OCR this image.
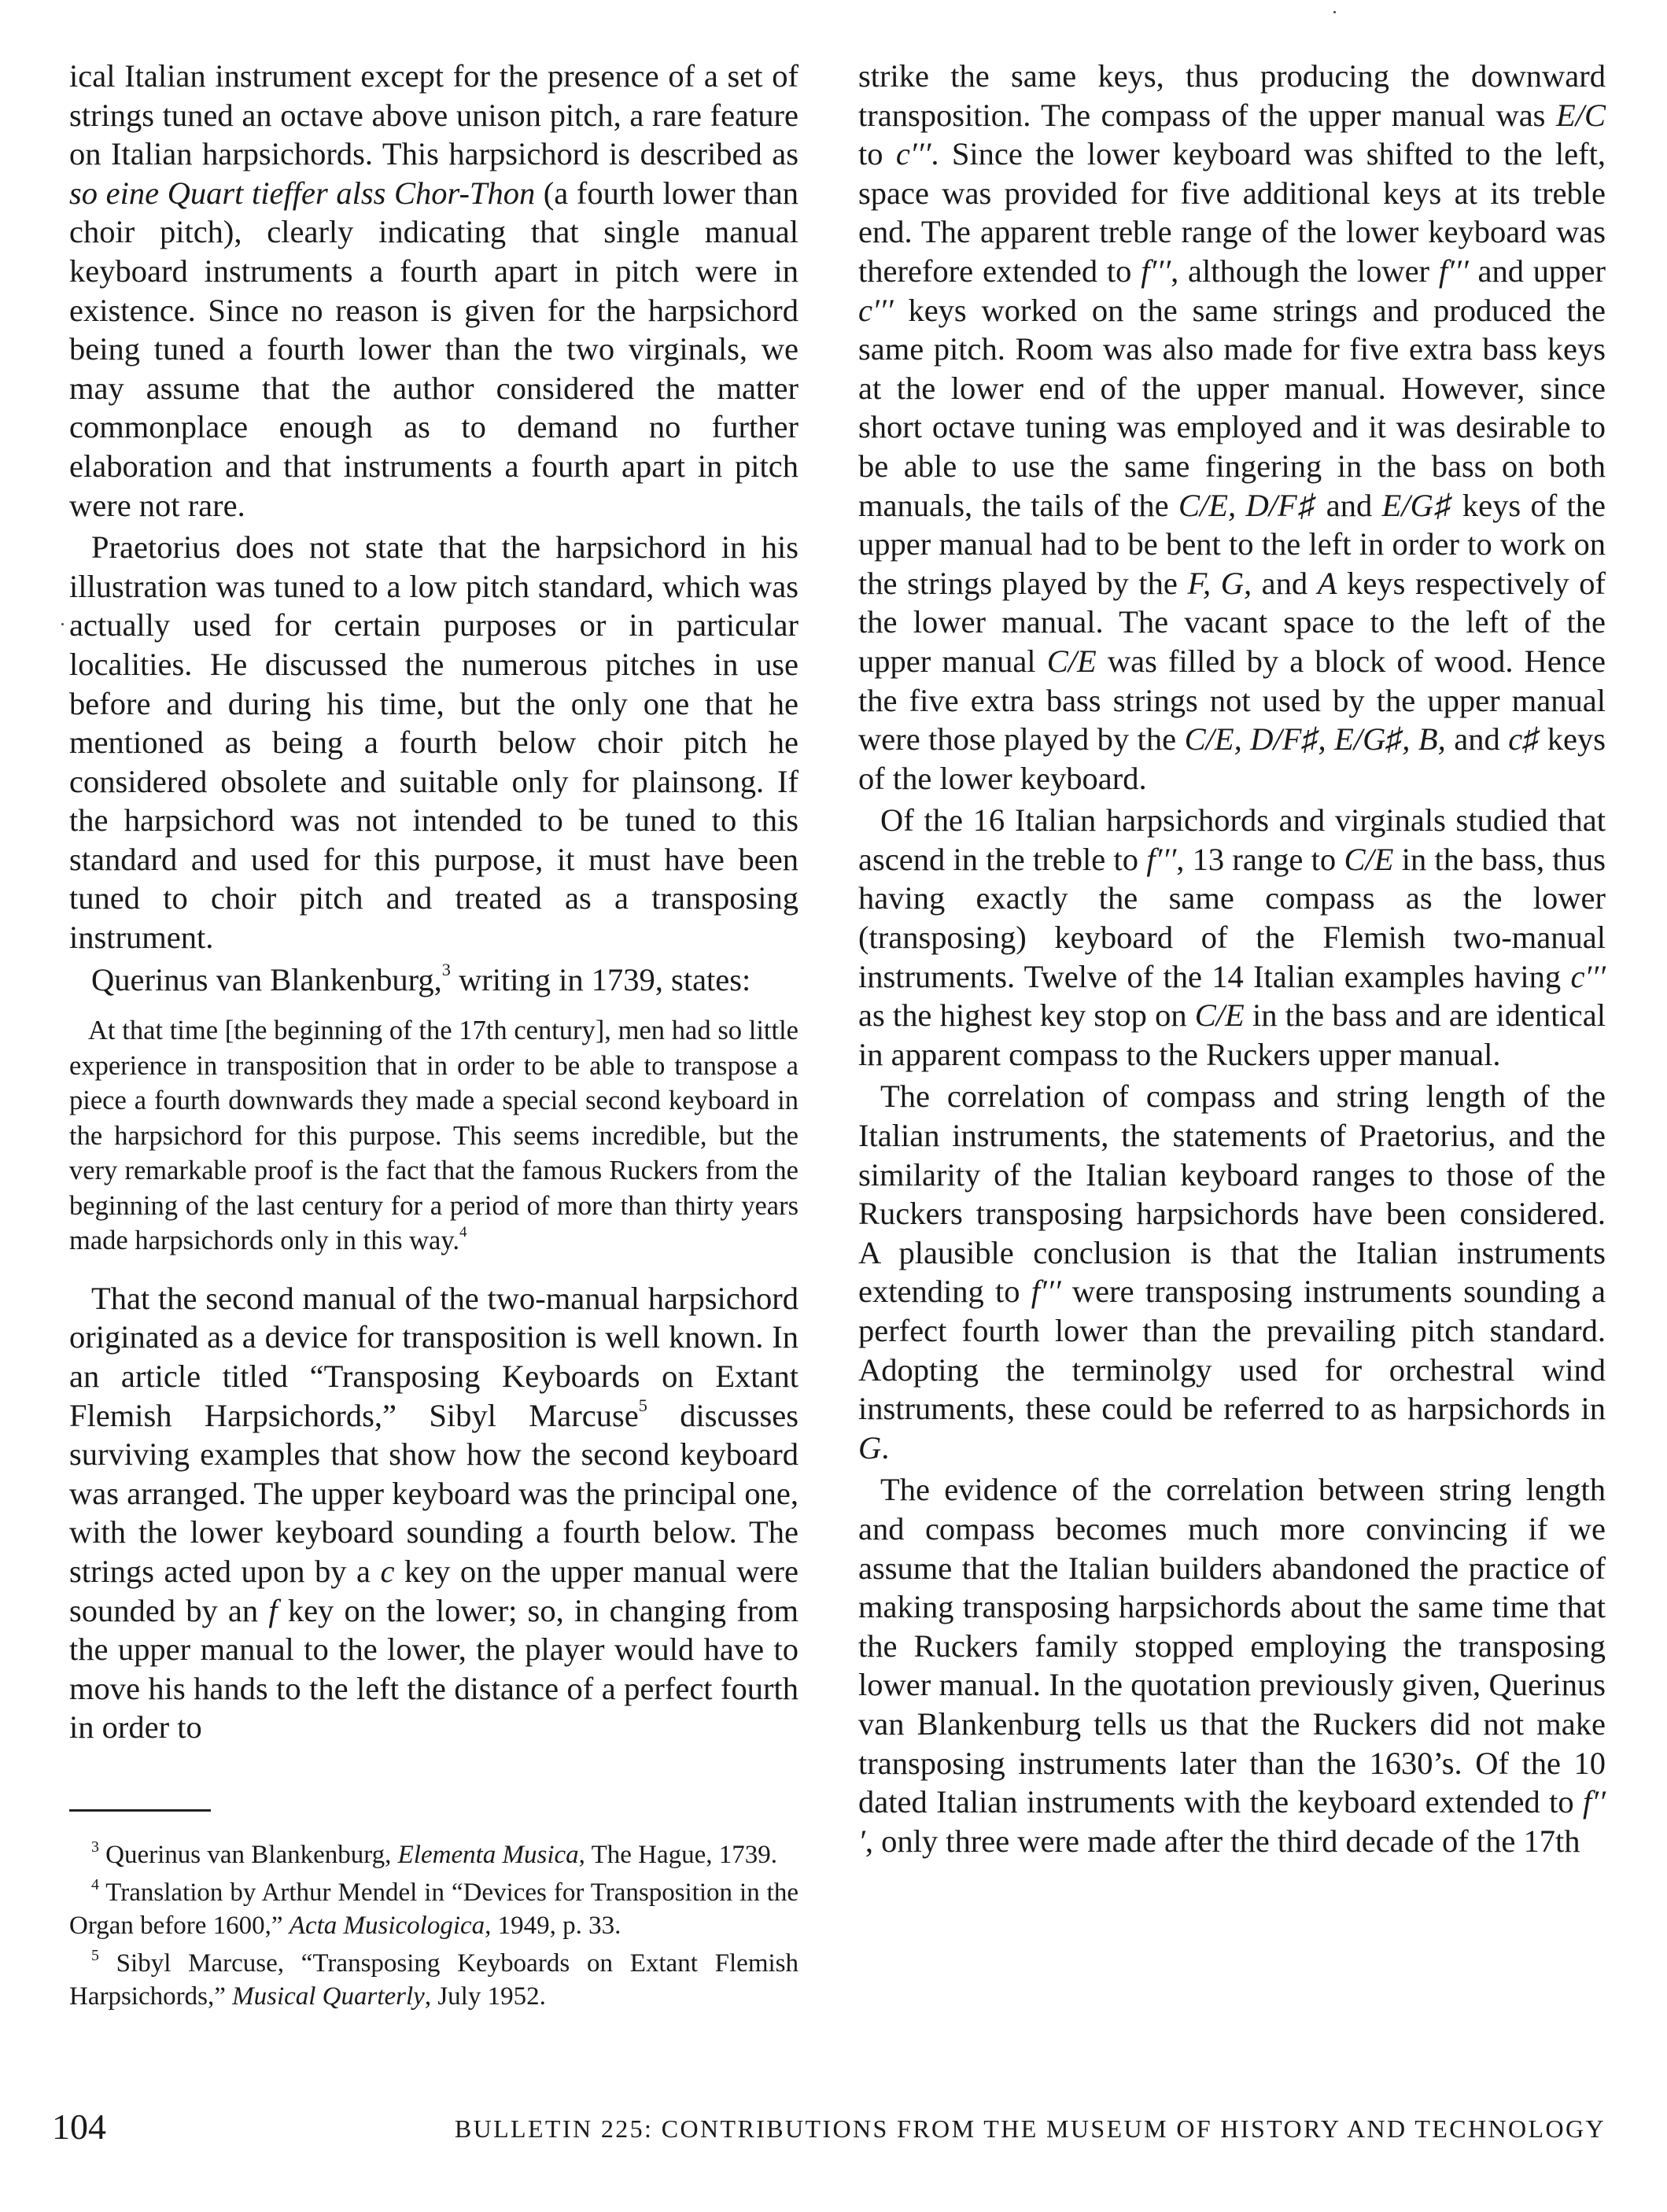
ical Italian instrument except for the presence of a set of strings tuned an octave above unison pitch, a rare feature on Italian harpsichords. This harpsichord is described as so eine Quart tieffer alss Chor-Thon (a fourth lower than choir pitch), clearly indicating that single manual keyboard instruments a fourth apart in pitch were in existence. Since no reason is given for the harpsichord being tuned a fourth lower than the two virginals, we may assume that the author considered the matter commonplace enough as to demand no further elaboration and that instruments a fourth apart in pitch were not rare.

Praetorius does not state that the harpsichord in his illustration was tuned to a low pitch standard, which was actually used for certain purposes or in particular localities. He discussed the numerous pitches in use before and during his time, but the only one that he mentioned as being a fourth below choir pitch he considered obsolete and suitable only for plainsong. If the harpsichord was not intended to be tuned to this standard and used for this purpose, it must have been tuned to choir pitch and treated as a transposing instrument.

Querinus van Blankenburg,$^3$ writing in 1739, states:

At that time [the beginning of the 17th century], men had so little experience in transposition that in order to be able to transpose a piece a fourth downwards they made a special second keyboard in the harpsichord for this purpose. This seems incredible, but the very remarkable proof is the fact that the famous Ruckers from the beginning of the last century for a period of more than thirty years made harpsichords only in this way.$^4$

That the second manual of the two-manual harpsichord originated as a device for transposition is well known. In an article titled “Transposing Keyboards on Extant Flemish Harpsichords,” Sibyl Marcuse$^5$ discusses surviving examples that show how the second keyboard was arranged. The upper keyboard was the principal one, with the lower keyboard sounding a fourth below. The strings acted upon by a c key on the upper manual were sounded by an f key on the lower; so, in changing from the upper manual to the lower, the player would have to move his hands to the left the distance of a perfect fourth in order to

$^3$ Querinus van Blankenburg, Elementa Musica, The Hague, 1739.

$^4$ Translation by Arthur Mendel in “Devices for Transposition in the Organ before 1600,” Acta Musicologica, 1949, p. 33.

$^5$ Sibyl Marcuse, “Transposing Keyboards on Extant Flemish Harpsichords,” Musical Quarterly, July 1952.

strike the same keys, thus producing the downward transposition. The compass of the upper manual was E/C to c′′′. Since the lower keyboard was shifted to the left, space was provided for five additional keys at its treble end. The apparent treble range of the lower keyboard was therefore extended to f′′′, although the lower f′′′ and upper c′′′ keys worked on the same strings and produced the same pitch. Room was also made for five extra bass keys at the lower end of the upper manual. However, since short octave tuning was employed and it was desirable to be able to use the same fingering in the bass on both manuals, the tails of the C/E, D/F♯ and E/G♯ keys of the upper manual had to be bent to the left in order to work on the strings played by the F, G, and A keys respectively of the lower manual. The vacant space to the left of the upper manual C/E was filled by a block of wood. Hence the five extra bass strings not used by the upper manual were those played by the C/E, D/F♯, E/G♯, B, and c♯ keys of the lower keyboard.

Of the 16 Italian harpsichords and virginals studied that ascend in the treble to f′′′, 13 range to C/E in the bass, thus having exactly the same compass as the lower (transposing) keyboard of the Flemish two-manual instruments. Twelve of the 14 Italian examples having c′′′ as the highest key stop on C/E in the bass and are identical in apparent compass to the Ruckers upper manual.

The correlation of compass and string length of the Italian instruments, the statements of Praetorius, and the similarity of the Italian keyboard ranges to those of the Ruckers transposing harpsichords have been considered. A plausible conclusion is that the Italian instruments extending to f′′′ were transposing instruments sounding a perfect fourth lower than the prevailing pitch standard. Adopting the terminolgy used for orchestral wind instruments, these could be referred to as harpsichords in G.

The evidence of the correlation between string length and compass becomes much more convincing if we assume that the Italian builders abandoned the practice of making transposing harpsichords about the same time that the Ruckers family stopped employing the transposing lower manual. In the quotation previously given, Querinus van Blankenburg tells us that the Ruckers did not make transposing instruments later than the 1630’s. Of the 10 dated Italian instruments with the keyboard extended to f′′′, only three were made after the third decade of the 17th

104	BULLETIN 225: CONTRIBUTIONS FROM THE MUSEUM OF HISTORY AND TECHNOLOGY
